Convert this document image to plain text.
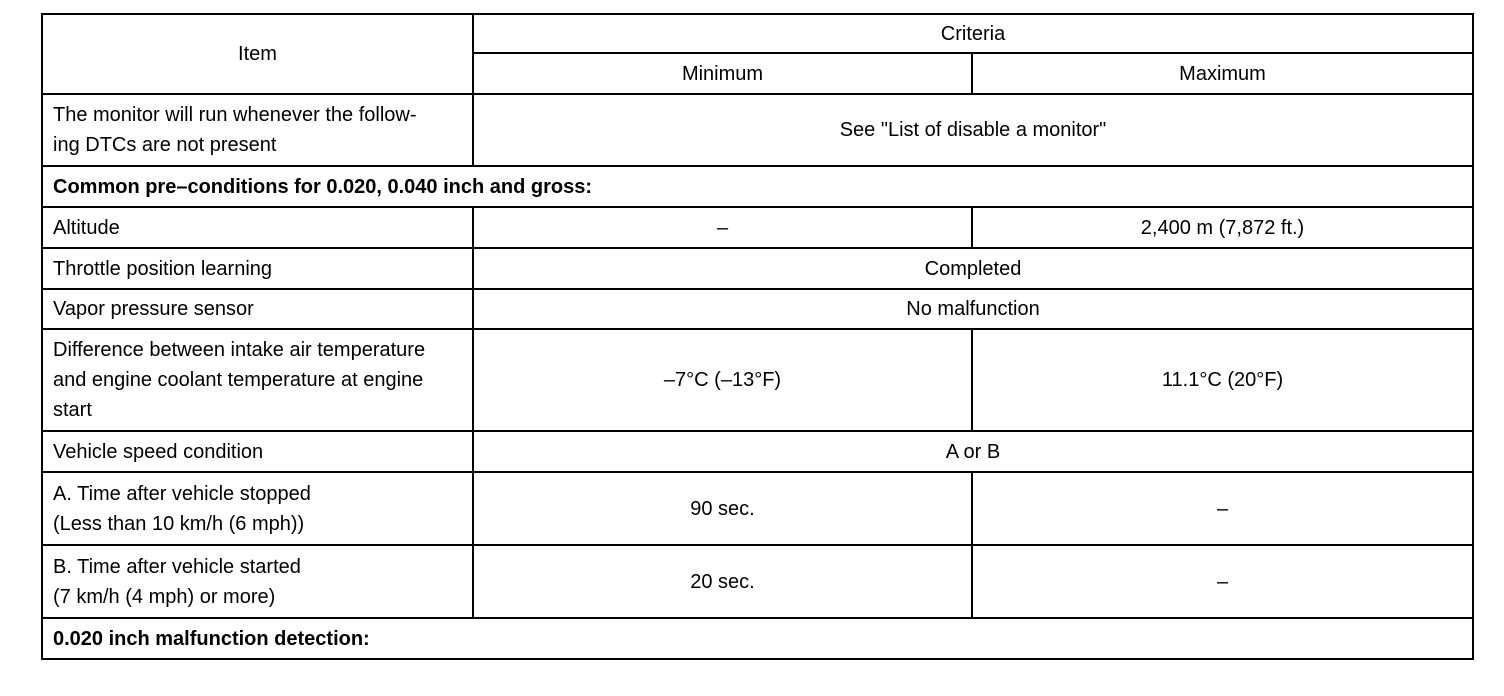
Item	Criteria	
	Minimum	Maximum
The monitor will run whenever the follow-
ing DTCs are not present	See "List of disable a monitor"	
Common pre–conditions for 0.020, 0.040 inch and gross:		
Altitude	–	2,400 m (7,872 ft.)
Throttle position learning	Completed	
Vapor pressure sensor	No malfunction	
Difference between intake air temperature
and engine coolant temperature at engine
start	–7°C (–13°F)	11.1°C (20°F)
Vehicle speed condition	A or B	
A. Time after vehicle stopped
(Less than 10 km/h (6 mph))	90 sec.	–
B. Time after vehicle started
(7 km/h (4 mph) or more)	20 sec.	–
0.020 inch malfunction detection:		
